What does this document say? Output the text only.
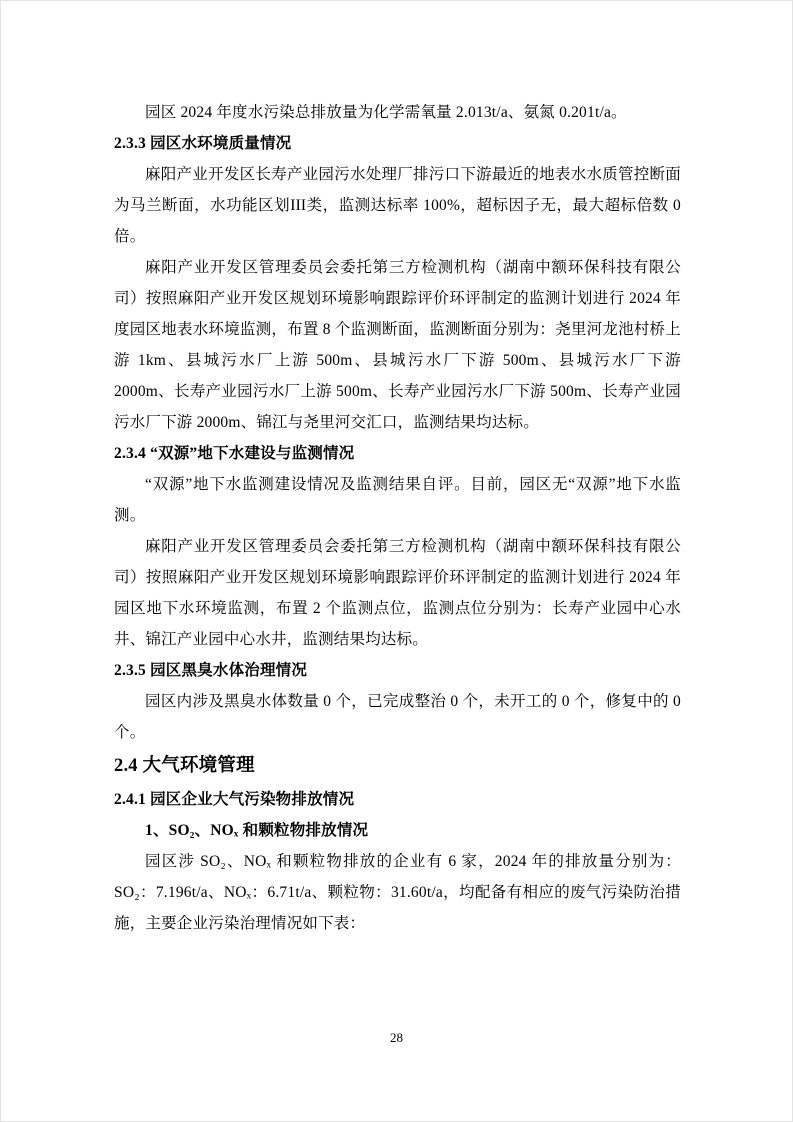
园区 2024 年度水污染总排放量为化学需氧量 2.013t/a、氨氮 0.201t/a。

2.3.3 园区水环境质量情况

麻阳产业开发区长寿产业园污水处理厂排污口下游最近的地表水水质管控断面为马兰断面，水功能区划III类，监测达标率 100%，超标因子无，最大超标倍数 0 倍。

麻阳产业开发区管理委员会委托第三方检测机构（湖南中额环保科技有限公司）按照麻阳产业开发区规划环境影响跟踪评价环评制定的监测计划进行 2024 年度园区地表水环境监测，布置 8 个监测断面，监测断面分别为：尧里河龙池村桥上游 1km、县城污水厂上游 500m、县城污水厂下游 500m、县城污水厂下游 2000m、长寿产业园污水厂上游 500m、长寿产业园污水厂下游 500m、长寿产业园污水厂下游 2000m、锦江与尧里河交汇口，监测结果均达标。

2.3.4 “双源”地下水建设与监测情况

“双源”地下水监测建设情况及监测结果自评。目前，园区无“双源”地下水监测。

麻阳产业开发区管理委员会委托第三方检测机构（湖南中额环保科技有限公司）按照麻阳产业开发区规划环境影响跟踪评价环评制定的监测计划进行 2024 年园区地下水环境监测，布置 2 个监测点位，监测点位分别为：长寿产业园中心水井、锦江产业园中心水井，监测结果均达标。

2.3.5 园区黑臭水体治理情况

园区内涉及黑臭水体数量 0 个，已完成整治 0 个，未开工的 0 个，修复中的 0 个。

2.4 大气环境管理
2.4.1 园区企业大气污染物排放情况

1、SO₂、NOₓ 和颗粒物排放情况

园区涉 SO₂、NOₓ 和颗粒物排放的企业有 6 家，2024 年的排放量分别为：SO₂：7.196t/a、NOₓ：6.71t/a、颗粒物：31.60t/a，均配备有相应的废气污染防治措施，主要企业污染治理情况如下表：

28
